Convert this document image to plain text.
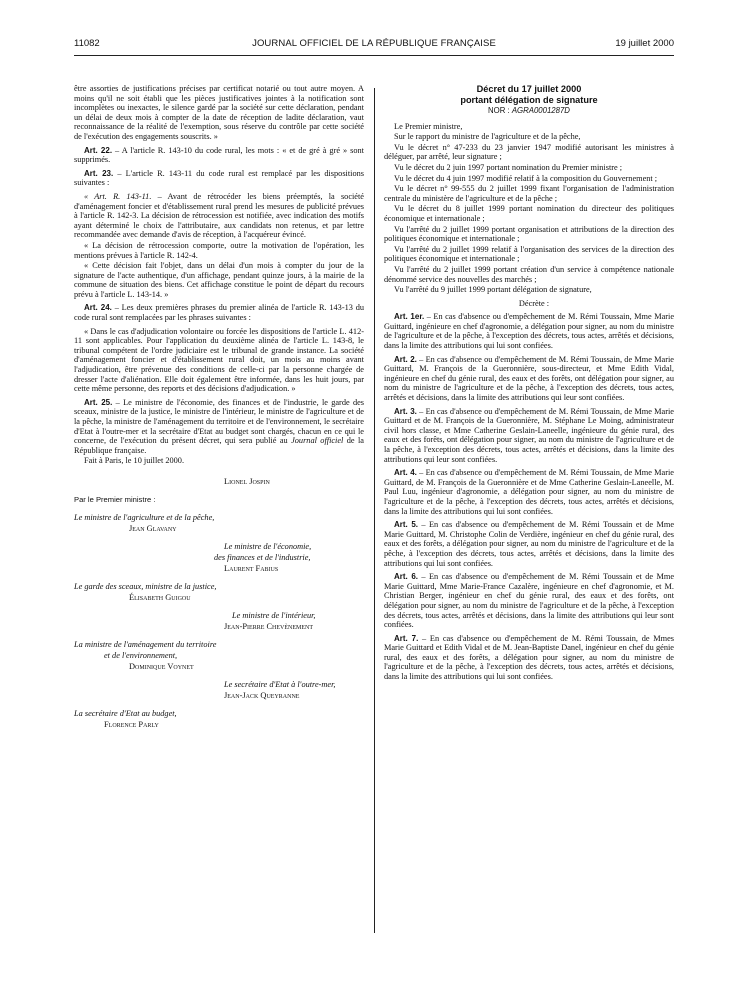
11082	JOURNAL OFFICIEL DE LA RÉPUBLIQUE FRANÇAISE	19 juillet 2000

être assorties de justifications précises par certificat notarié ou tout autre moyen. A moins qu'il ne soit établi que les pièces justificatives jointes à la notification sont incomplètes ou inexactes, le silence gardé par la société sur cette déclaration, pendant un délai de deux mois à compter de la date de réception de ladite déclaration, vaut reconnaissance de la réalité de l'exemption, sous réserve du contrôle par cette société de l'exécution des engagements souscrits. »

Art. 22. – A l'article R. 143-10 du code rural, les mots : « et de gré à gré » sont supprimés.

Art. 23. – L'article R. 143-11 du code rural est remplacé par les dispositions suivantes :

« Art. R. 143-11. – Avant de rétrocéder les biens préemptés, la société d'aménagement foncier et d'établissement rural prend les mesures de publicité prévues à l'article R. 142-3. La décision de rétrocession est notifiée, avec indication des motifs ayant déterminé le choix de l'attributaire, aux candidats non retenus, et par lettre recommandée avec demande d'avis de réception, à l'acquéreur évincé.

« La décision de rétrocession comporte, outre la motivation de l'opération, les mentions prévues à l'article R. 142-4.

« Cette décision fait l'objet, dans un délai d'un mois à compter du jour de la signature de l'acte authentique, d'un affichage, pendant quinze jours, à la mairie de la commune de situation des biens. Cet affichage constitue le point de départ du recours prévu à l'article L. 143-14. »

Art. 24. – Les deux premières phrases du premier alinéa de l'article R. 143-13 du code rural sont remplacées par les phrases suivantes :

« Dans le cas d'adjudication volontaire ou forcée les dispositions de l'article L. 412-11 sont applicables. Pour l'application du deuxième alinéa de l'article L. 143-8, le tribunal compétent de l'ordre judiciaire est le tribunal de grande instance. La société d'aménagement foncier et d'établissement rural doit, un mois au moins avant l'adjudication, être prévenue des conditions de celle-ci par la personne chargée de dresser l'acte d'aliénation. Elle doit également être informée, dans les huit jours, par cette même personne, des reports et des décisions d'adjudication. »

Art. 25. – Le ministre de l'économie, des finances et de l'industrie, le garde des sceaux, ministre de la justice, le ministre de l'intérieur, le ministre de l'agriculture et de la pêche, la ministre de l'aménagement du territoire et de l'environnement, le secrétaire d'Etat à l'outre-mer et la secrétaire d'Etat au budget sont chargés, chacun en ce qui le concerne, de l'exécution du présent décret, qui sera publié au Journal officiel de la République française.

Fait à Paris, le 10 juillet 2000.

Lionel Jospin
Par le Premier ministre :
Le ministre de l'agriculture et de la pêche,
Jean Glavany
Le ministre de l'économie,
des finances et de l'industrie,
Laurent Fabius
Le garde des sceaux, ministre de la justice,
Élisabeth Guigou
Le ministre de l'intérieur,
Jean-Pierre Chevènement
La ministre de l'aménagement du territoire
et de l'environnement,
Dominique Voynet
Le secrétaire d'Etat à l'outre-mer,
Jean-Jack Queyranne
La secrétaire d'Etat au budget,
Florence Parly
Décret du 17 juillet 2000
portant délégation de signature
NOR : AGRA0001287D

Le Premier ministre,

Sur le rapport du ministre de l'agriculture et de la pêche,

Vu le décret n° 47-233 du 23 janvier 1947 modifié autorisant les ministres à déléguer, par arrêté, leur signature ;

Vu le décret du 2 juin 1997 portant nomination du Premier ministre ;

Vu le décret du 4 juin 1997 modifié relatif à la composition du Gouvernement ;

Vu le décret n° 99-555 du 2 juillet 1999 fixant l'organisation de l'administration centrale du ministère de l'agriculture et de la pêche ;

Vu le décret du 8 juillet 1999 portant nomination du directeur des politiques économique et internationale ;

Vu l'arrêté du 2 juillet 1999 portant organisation et attributions de la direction des politiques économique et internationale ;

Vu l'arrêté du 2 juillet 1999 relatif à l'organisation des services de la direction des politiques économique et internationale ;

Vu l'arrêté du 2 juillet 1999 portant création d'un service à compétence nationale dénommé service des nouvelles des marchés ;

Vu l'arrêté du 9 juillet 1999 portant délégation de signature,

Décrète :

Art. 1er. – En cas d'absence ou d'empêchement de M. Rémi Toussain, Mme Marie Guittard, ingénieure en chef d'agronomie, a délégation pour signer, au nom du ministre de l'agriculture et de la pêche, à l'exception des décrets, tous actes, arrêtés et décisions, dans la limite des attributions qui lui sont confiées.

Art. 2. – En cas d'absence ou d'empêchement de M. Rémi Toussain, de Mme Marie Guittard, M. François de la Gueronnière, sous-directeur, et Mme Edith Vidal, ingénieure en chef du génie rural, des eaux et des forêts, ont délégation pour signer, au nom du ministre de l'agriculture et de la pêche, à l'exception des décrets, tous actes, arrêtés et décisions, dans la limite des attributions qui leur sont confiées.

Art. 3. – En cas d'absence ou d'empêchement de M. Rémi Toussain, de Mme Marie Guittard et de M. François de la Gueronnière, M. Stéphane Le Moing, administrateur civil hors classe, et Mme Catherine Geslain-Laneelle, ingénieure du génie rural, des eaux et des forêts, ont délégation pour signer, au nom du ministre de l'agriculture et de la pêche, à l'exception des décrets, tous actes, arrêtés et décisions, dans la limite des attributions qui leur sont confiées.

Art. 4. – En cas d'absence ou d'empêchement de M. Rémi Toussain, de Mme Marie Guittard, de M. François de la Gueronnière et de Mme Catherine Geslain-Laneelle, M. Paul Luu, ingénieur d'agronomie, a délégation pour signer, au nom du ministre de l'agriculture et de la pêche, à l'exception des décrets, tous actes, arrêtés et décisions, dans la limite des attributions qui lui sont confiées.

Art. 5. – En cas d'absence ou d'empêchement de M. Rémi Toussain et de Mme Marie Guittard, M. Christophe Colin de Verdière, ingénieur en chef du génie rural, des eaux et des forêts, a délégation pour signer, au nom du ministre de l'agriculture et de la pêche, à l'exception des décrets, tous actes, arrêtés et décisions, dans la limite des attributions qui lui sont confiées.

Art. 6. – En cas d'absence ou d'empêchement de M. Rémi Toussain et de Mme Marie Guittard, Mme Marie-France Cazalère, ingénieure en chef d'agronomie, et M. Christian Berger, ingénieur en chef du génie rural, des eaux et des forêts, ont délégation pour signer, au nom du ministre de l'agriculture et de la pêche, à l'exception des décrets, tous actes, arrêtés et décisions, dans la limite des attributions qui leur sont confiées.

Art. 7. – En cas d'absence ou d'empêchement de M. Rémi Toussain, de Mmes Marie Guittard et Edith Vidal et de M. Jean-Baptiste Danel, ingénieur en chef du génie rural, des eaux et des forêts, a délégation pour signer, au nom du ministre de l'agriculture et de la pêche, à l'exception des décrets, tous actes, arrêtés et décisions, dans la limite des attributions qui lui sont confiées.
